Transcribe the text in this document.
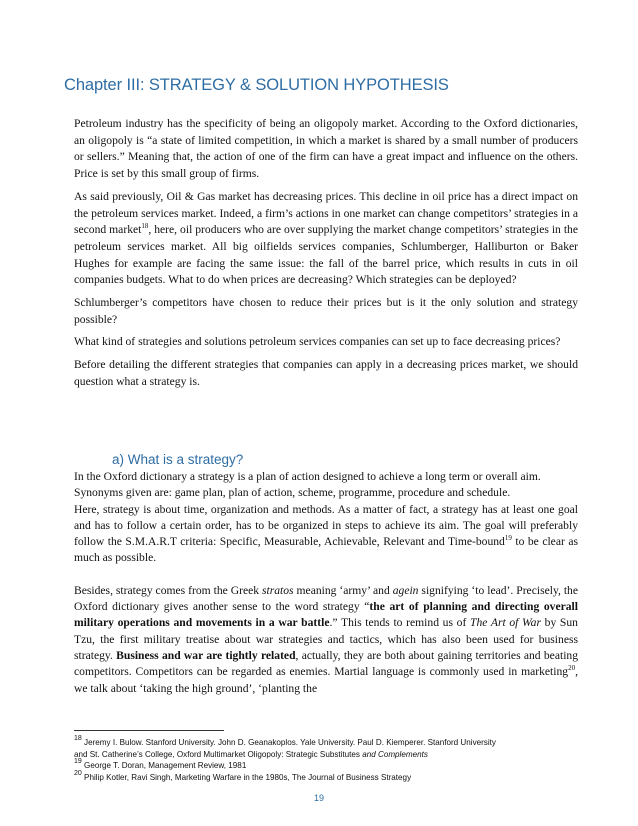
Chapter III: STRATEGY & SOLUTION HYPOTHESIS

Petroleum industry has the specificity of being an oligopoly market. According to the Oxford dictionaries, an oligopoly is “a state of limited competition, in which a market is shared by a small number of producers or sellers.” Meaning that, the action of one of the firm can have a great impact and influence on the others. Price is set by this small group of firms.

As said previously, Oil & Gas market has decreasing prices. This decline in oil price has a direct impact on the petroleum services market. Indeed, a firm’s actions in one market can change competitors’ strategies in a second market$^{18}$, here, oil producers who are over supplying the market change competitors’ strategies in the petroleum services market. All big oilfields services companies, Schlumberger, Halliburton or Baker Hughes for example are facing the same issue: the fall of the barrel price, which results in cuts in oil companies budgets. What to do when prices are decreasing? Which strategies can be deployed?

Schlumberger’s competitors have chosen to reduce their prices but is it the only solution and strategy possible?

What kind of strategies and solutions petroleum services companies can set up to face decreasing prices?

Before detailing the different strategies that companies can apply in a decreasing prices market, we should question what a strategy is.

a) What is a strategy?

In the Oxford dictionary a strategy is a plan of action designed to achieve a long term or overall aim.

Synonyms given are: game plan, plan of action, scheme, programme, procedure and schedule.

Here, strategy is about time, organization and methods. As a matter of fact, a strategy has at least one goal and has to follow a certain order, has to be organized in steps to achieve its aim. The goal will preferably follow the S.M.A.R.T criteria: Specific, Measurable, Achievable, Relevant and Time-bound$^{19}$ to be clear as much as possible.

Besides, strategy comes from the Greek stratos meaning ‘army’ and agein signifying ‘to lead’. Precisely, the Oxford dictionary gives another sense to the word strategy “the art of planning and directing overall military operations and movements in a war battle.” This tends to remind us of The Art of War by Sun Tzu, the first military treatise about war strategies and tactics, which has also been used for business strategy. Business and war are tightly related, actually, they are both about gaining territories and beating competitors. Competitors can be regarded as enemies. Martial language is commonly used in marketing$^{20}$, we talk about ‘taking the high ground’, ‘planting the

$^{18}$ Jeremy I. Bulow. Stanford University. John D. Geanakoplos. Yale University. Paul D. Kiemperer. Stanford University
and St. Catherine’s College, Oxford Multimarket Oligopoly: Strategic Substitutes and Complements
$^{19}$ George T. Doran, Management Review, 1981
$^{20}$ Philip Kotler, Ravi Singh, Marketing Warfare in the 1980s, The Journal of Business Strategy
19
